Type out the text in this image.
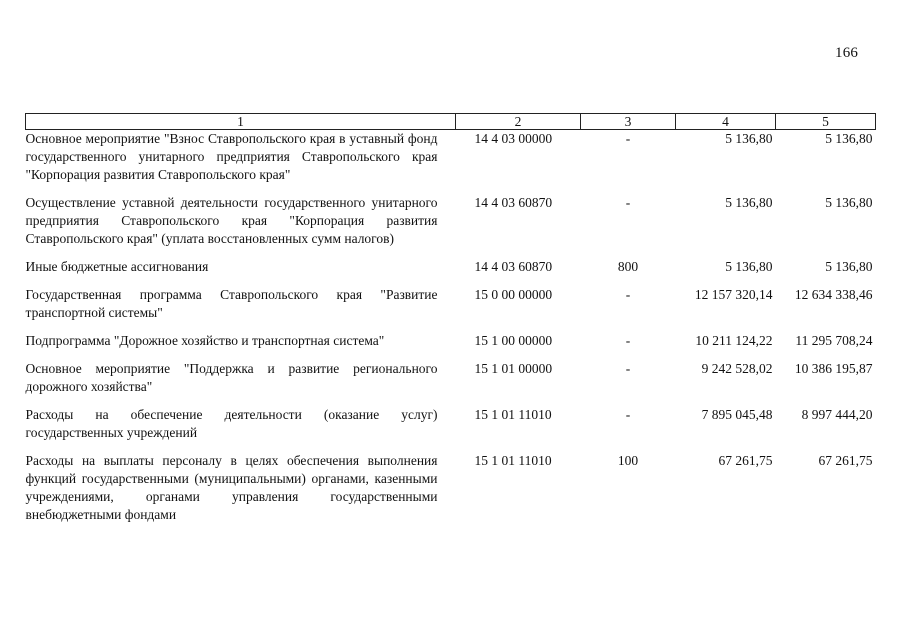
166
1	2	3	4	5
Основное мероприятие "Взнос Ставропольского края в уставный фонд государственного унитарного предприятия Ставропольского края "Корпорация развития Ставропольского края"	14 4 03 00000	-	5 136,80	5 136,80
Осуществление уставной деятельности государственного унитарного предприятия Ставропольского края "Корпорация развития Ставропольского края" (уплата восстановленных сумм налогов)	14 4 03 60870	-	5 136,80	5 136,80
Иные бюджетные ассигнования	14 4 03 60870	800	5 136,80	5 136,80
Государственная программа Ставропольского края "Развитие транспортной системы"	15 0 00 00000	-	12 157 320,14	12 634 338,46
Подпрограмма "Дорожное хозяйство и транспортная система"	15 1 00 00000	-	10 211 124,22	11 295 708,24
Основное мероприятие "Поддержка и развитие регионального дорожного хозяйства"	15 1 01 00000	-	9 242 528,02	10 386 195,87
Расходы на обеспечение деятельности (оказание услуг) государственных учреждений	15 1 01 11010	-	7 895 045,48	8 997 444,20
Расходы на выплаты персоналу в целях обеспечения выполнения функций государственными (муниципальными) органами, казенными учреждениями, органами управления государственными внебюджетными фондами	15 1 01 11010	100	67 261,75	67 261,75
